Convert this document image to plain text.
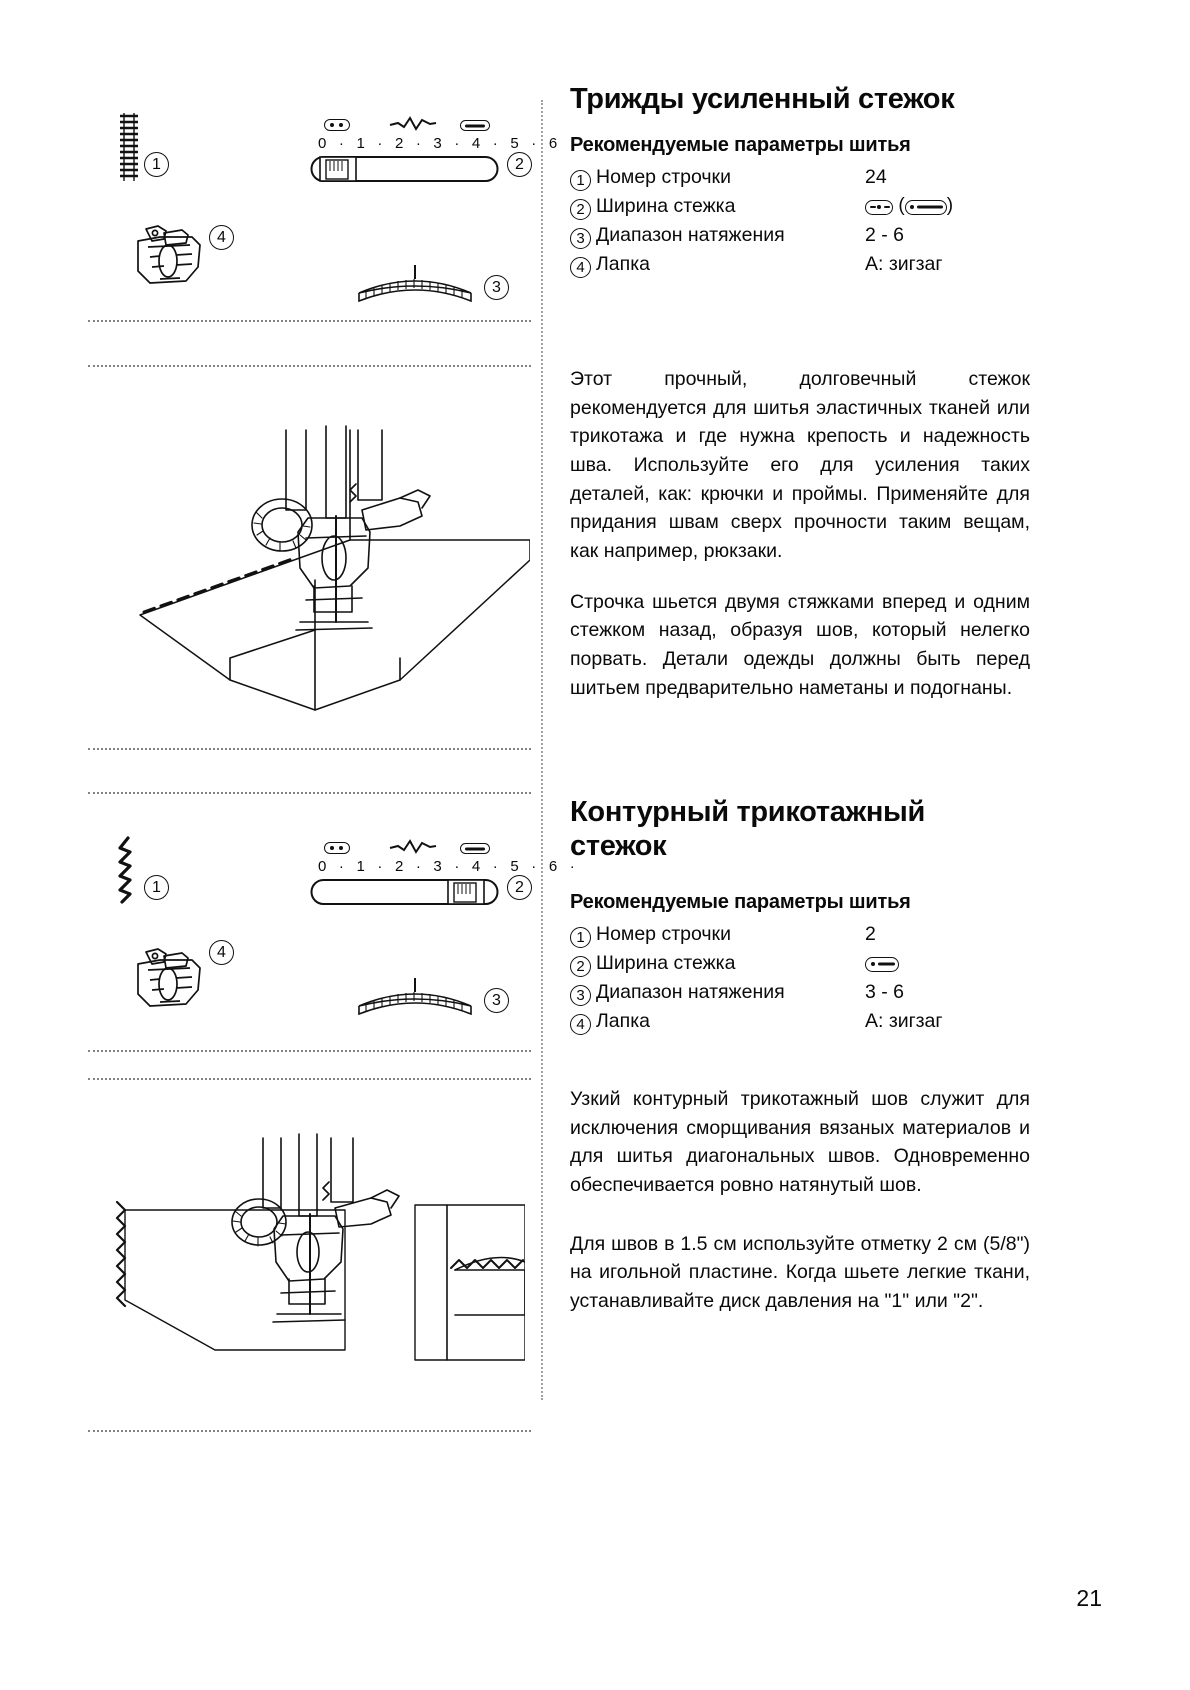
1
0 · 1 · 2 · 3 · 4 · 5 · 6 ·
2
4
3
1
0 · 1 · 2 · 3 · 4 · 5 · 6 ·
2
4
3
Трижды усиленный стежок
Рекомендуемые параметры шитья
1	Номер строчки	24
2	Ширина стежка	( )
3	Диапазон натяжения	2 - 6
4	Лапка	A: зигзаг

Этот прочный, долговечный стежок рекомендуется для шитья эластичных тканей или трикотажа и где нужна крепость и надежность шва. Используйте его для усиления таких деталей, как: крючки и проймы. Применяйте для придания швам сверх прочности таким вещам, как например, рюкзаки.

Строчка шьется двумя стяжками вперед и одним стежком назад, образуя шов, который нелегко порвать. Детали одежды должны быть перед шитьем предварительно наметаны и подогнаны.

Контурный трикотажный стежок
Рекомендуемые параметры шитья
1	Номер строчки	2
2	Ширина стежка	

3	Диапазон натяжения	3 - 6
4	Лапка	A: зигзаг

Узкий контурный трикотажный шов служит для исключения сморщивания вязаных материалов и для шитья диагональных швов. Одновременно обеспечивается ровно натянутый шов.

Для швов в 1.5 см используйте отметку 2 см (5/8") на игольной пластине. Когда шьете легкие ткани, устанавливайте диск давления на "1" или "2".

21
